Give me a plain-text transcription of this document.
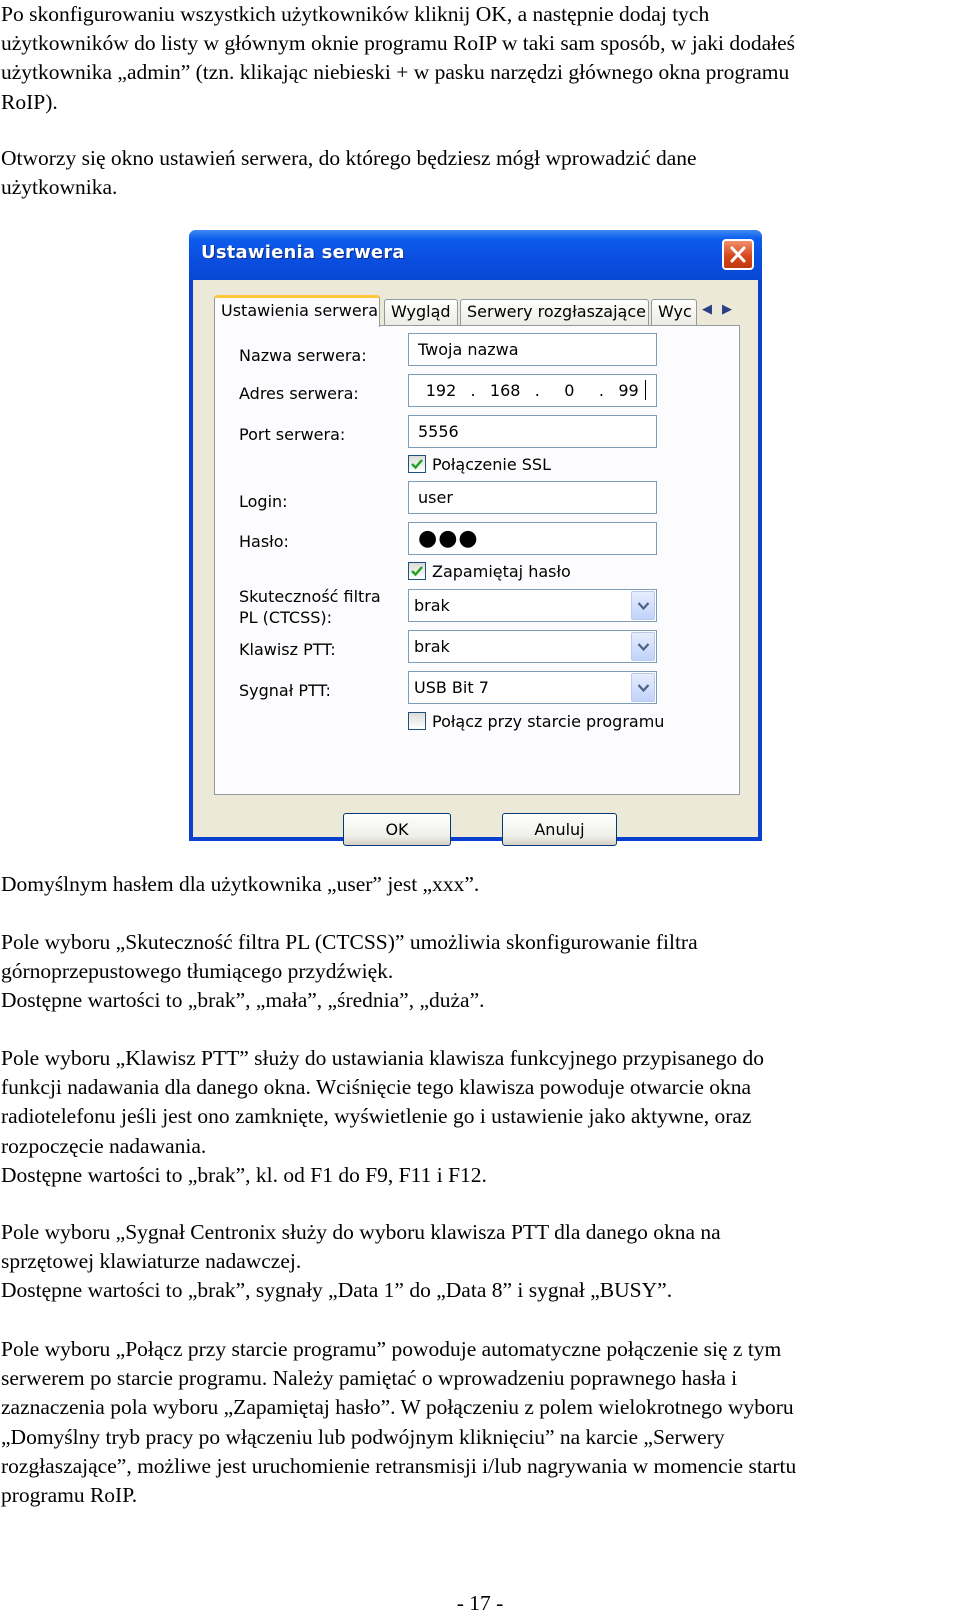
Po skonfigurowaniu wszystkich użytkowników kliknij OK, a następnie dodaj tych
użytkowników do listy w głównym oknie programu RoIP w taki sam sposób, w jaki dodałeś
użytkownika „admin” (tzn. klikając niebieski + w pasku narzędzi głównego okna programu
RoIP).
Otworzy się okno ustawień serwera, do którego będziesz mógł wprowadzić dane
użytkownika.
Ustawienia serwera
Ustawienia serwera Wygląd	Serwery rozgłaszające Wyc ◀ ▶
Nazwa serwera:	Twoja nazwa
Adres serwera:	192 . 168 . 0 . 99
Port serwera:	5556
Połączenie SSL
Login:	user
Hasło:	●●●
Zapamiętaj hasło
Skuteczność filtra
PL (CTCSS):
brak
Klawisz PTT:	brak
Sygnał PTT:	USB Bit 7
Połącz przy starcie programu
OK	Anuluj
Domyślnym hasłem dla użytkownika „user” jest „xxx”.
Pole wyboru „Skuteczność filtra PL (CTCSS)” umożliwia skonfigurowanie filtra
górnoprzepustowego tłumiącego przydźwięk.
Dostępne wartości to „brak”, „mała”, „średnia”, „duża”.
Pole wyboru „Klawisz PTT” służy do ustawiania klawisza funkcyjnego przypisanego do
funkcji nadawania dla danego okna. Wciśnięcie tego klawisza powoduje otwarcie okna
radiotelefonu jeśli jest ono zamknięte, wyświetlenie go i ustawienie jako aktywne, oraz
rozpoczęcie nadawania.
Dostępne wartości to „brak”, kl. od F1 do F9, F11 i F12.
Pole wyboru „Sygnał Centronix służy do wyboru klawisza PTT dla danego okna na
sprzętowej klawiaturze nadawczej.
Dostępne wartości to „brak”, sygnały „Data 1” do „Data 8” i sygnał „BUSY”.
Pole wyboru „Połącz przy starcie programu” powoduje automatyczne połączenie się z tym
serwerem po starcie programu. Należy pamiętać o wprowadzeniu poprawnego hasła i
zaznaczenia pola wyboru „Zapamiętaj hasło”. W połączeniu z polem wielokrotnego wyboru
„Domyślny tryb pracy po włączeniu lub podwójnym kliknięciu” na karcie „Serwery
rozgłaszające”, możliwe jest uruchomienie retransmisji i/lub nagrywania w momencie startu
programu RoIP.
- 17 -
